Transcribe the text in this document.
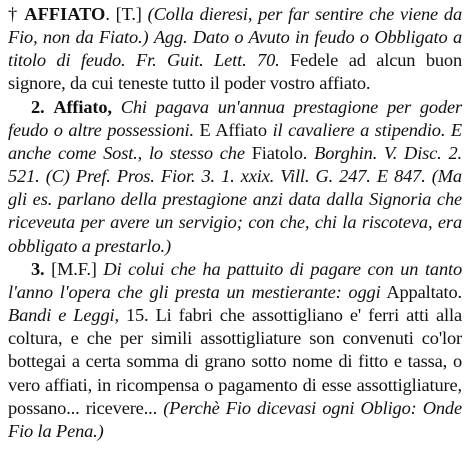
† AFFIATO. [T.] (Colla dieresi, per far sentire che viene da Fio, non da Fiato.) Agg. Dato o Avuto in feudo o Obbligato a titolo di feudo. Fr. Guit. Lett. 70. Fedele ad alcun buon signore, da cui teneste tutto il poder vostro affiato.

2. Affiato, Chi pagava un'annua prestagione per goder feudo o altre possessioni. E Affiato il cavaliere a stipendio. E anche come Sost., lo stesso che Fiatolo. Borghin. V. Disc. 2. 521. (C) Pref. Pros. Fior. 3. 1. xxix. Vill. G. 247. E 847. (Ma gli es. parlano della prestagione anzi data dalla Signoria che riceveuta per avere un servigio; con che, chi la riscoteva, era obbligato a prestarlo.)

3. [M.F.] Di colui che ha pattuito di pagare con un tanto l'anno l'opera che gli presta un mestierante: oggi Appaltato. Bandi e Leggi, 15. Li fabri che assottigliano e' ferri atti alla coltura, e che per simili assottigliature son convenuti co'lor bottegai a certa somma di grano sotto nome di fitto e tassa, o vero affiati, in ricompensa o pagamento di esse assottigliature, possano... ricevere... (Perchè Fio dicevasi ogni Obligo: Onde Fio la Pena.)
